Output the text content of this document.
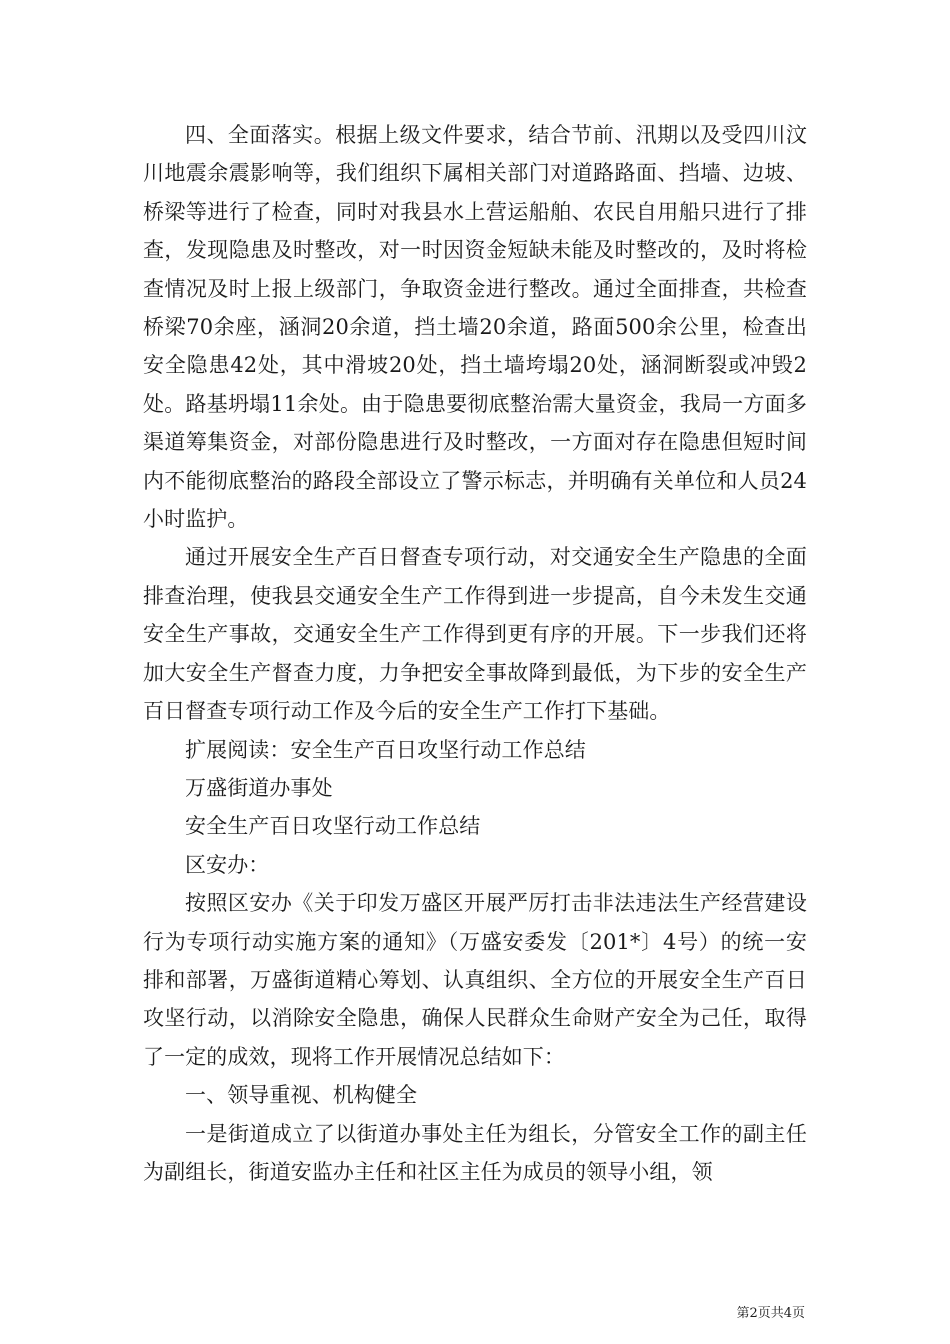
四、全面落实。根据上级文件要求，结合节前、汛期以及受四川汶川地震余震影响等，我们组织下属相关部门对道路路面、挡墙、边坡、桥梁等进行了检查，同时对我县水上营运船舶、农民自用船只进行了排查，发现隐患及时整改，对一时因资金短缺未能及时整改的，及时将检查情况及时上报上级部门，争取资金进行整改。通过全面排查，共检查桥梁70余座，涵洞20余道，挡土墙20余道，路面500余公里，检查出安全隐患42处，其中滑坡20处，挡土墙垮塌20处，涵洞断裂或冲毁2处。路基坍塌11余处。由于隐患要彻底整治需大量资金，我局一方面多渠道筹集资金，对部份隐患进行及时整改，一方面对存在隐患但短时间内不能彻底整治的路段全部设立了警示标志，并明确有关单位和人员24小时监护。

通过开展安全生产百日督查专项行动，对交通安全生产隐患的全面排查治理，使我县交通安全生产工作得到进一步提高，自今未发生交通安全生产事故，交通安全生产工作得到更有序的开展。下一步我们还将加大安全生产督查力度，力争把安全事故降到最低，为下步的安全生产百日督查专项行动工作及今后的安全生产工作打下基础。

扩展阅读：安全生产百日攻坚行动工作总结

万盛街道办事处

安全生产百日攻坚行动工作总结

区安办：

按照区安办《关于印发万盛区开展严厉打击非法违法生产经营建设行为专项行动实施方案的通知》（万盛安委发〔201*〕4号）的统一安排和部署，万盛街道精心筹划、认真组织、全方位的开展安全生产百日攻坚行动，以消除安全隐患，确保人民群众生命财产安全为己任，取得了一定的成效，现将工作开展情况总结如下：

一、领导重视、机构健全

一是街道成立了以街道办事处主任为组长，分管安全工作的副主任为副组长，街道安监办主任和社区主任为成员的领导小组，领

第2页共4页
